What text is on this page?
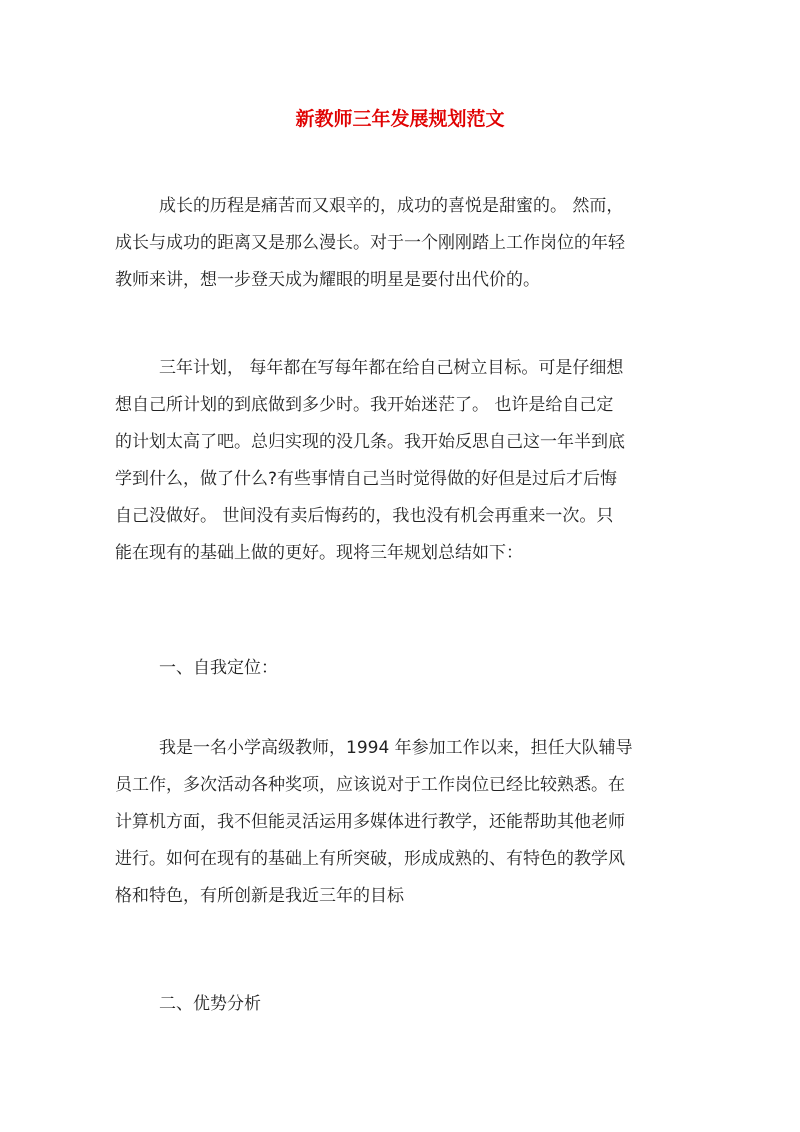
新教师三年发展规划范文
成长的历程是痛苦而又艰辛的，成功的喜悦是甜蜜的。 然而，
成长与成功的距离又是那么漫长。对于一个刚刚踏上工作岗位的年轻
教师来讲，想一步登天成为耀眼的明星是要付出代价的。
三年计划， 每年都在写每年都在给自己树立目标。可是仔细想
想自己所计划的到底做到多少时。我开始迷茫了。 也许是给自己定
的计划太高了吧。总归实现的没几条。我开始反思自己这一年半到底
学到什么，做了什么?有些事情自己当时觉得做的好但是过后才后悔
自己没做好。 世间没有卖后悔药的，我也没有机会再重来一次。只
能在现有的基础上做的更好。现将三年规划总结如下：
一、自我定位：
我是一名小学高级教师，1994 年参加工作以来，担任大队辅导
员工作，多次活动各种奖项，应该说对于工作岗位已经比较熟悉。在
计算机方面，我不但能灵活运用多媒体进行教学，还能帮助其他老师
进行。如何在现有的基础上有所突破，形成成熟的、有特色的教学风
格和特色，有所创新是我近三年的目标
二、优势分析
